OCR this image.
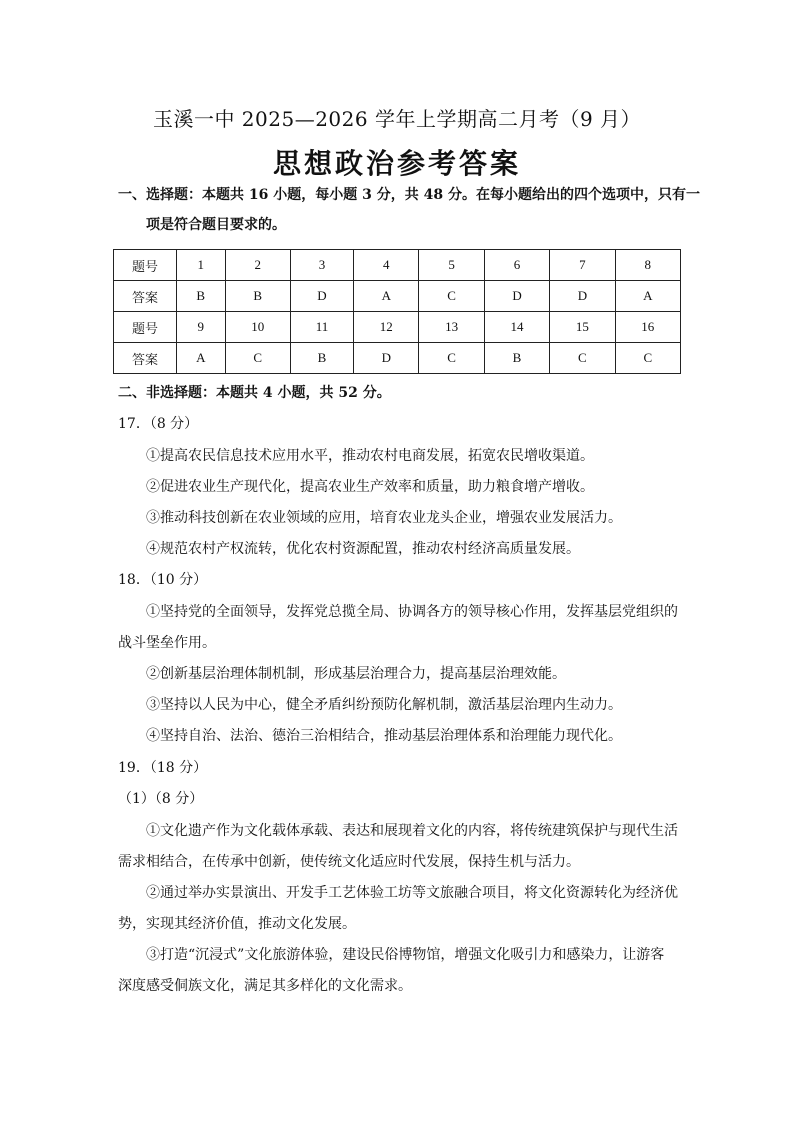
玉溪一中 2025—2026 学年上学期高二月考（9 月）
思想政治参考答案
一、选择题：本题共 16 小题，每小题 3 分，共 48 分。在每小题给出的四个选项中，只有一
项是符合题目要求的。
题号	1	2	3	4	5	6	7	8
答案	B	B	D	A	C	D	D	A
题号	9	10	11	12	13	14	15	16
答案	A	C	B	D	C	B	C	C
二、非选择题：本题共 4 小题，共 52 分。
17．（8 分）
①提高农民信息技术应用水平，推动农村电商发展，拓宽农民增收渠道。
②促进农业生产现代化，提高农业生产效率和质量，助力粮食增产增收。
③推动科技创新在农业领域的应用，培育农业龙头企业，增强农业发展活力。
④规范农村产权流转，优化农村资源配置，推动农村经济高质量发展。
18．（10 分）
①坚持党的全面领导，发挥党总揽全局、协调各方的领导核心作用，发挥基层党组织的
战斗堡垒作用。
②创新基层治理体制机制，形成基层治理合力，提高基层治理效能。
③坚持以人民为中心，健全矛盾纠纷预防化解机制，激活基层治理内生动力。
④坚持自治、法治、德治三治相结合，推动基层治理体系和治理能力现代化。
19．（18 分）
（1）（8 分）
①文化遗产作为文化载体承载、表达和展现着文化的内容，将传统建筑保护与现代生活
需求相结合，在传承中创新，使传统文化适应时代发展，保持生机与活力。
②通过举办实景演出、开发手工艺体验工坊等文旅融合项目，将文化资源转化为经济优
势，实现其经济价值，推动文化发展。
③打造“沉浸式”文化旅游体验，建设民俗博物馆，增强文化吸引力和感染力，让游客
深度感受侗族文化，满足其多样化的文化需求。
